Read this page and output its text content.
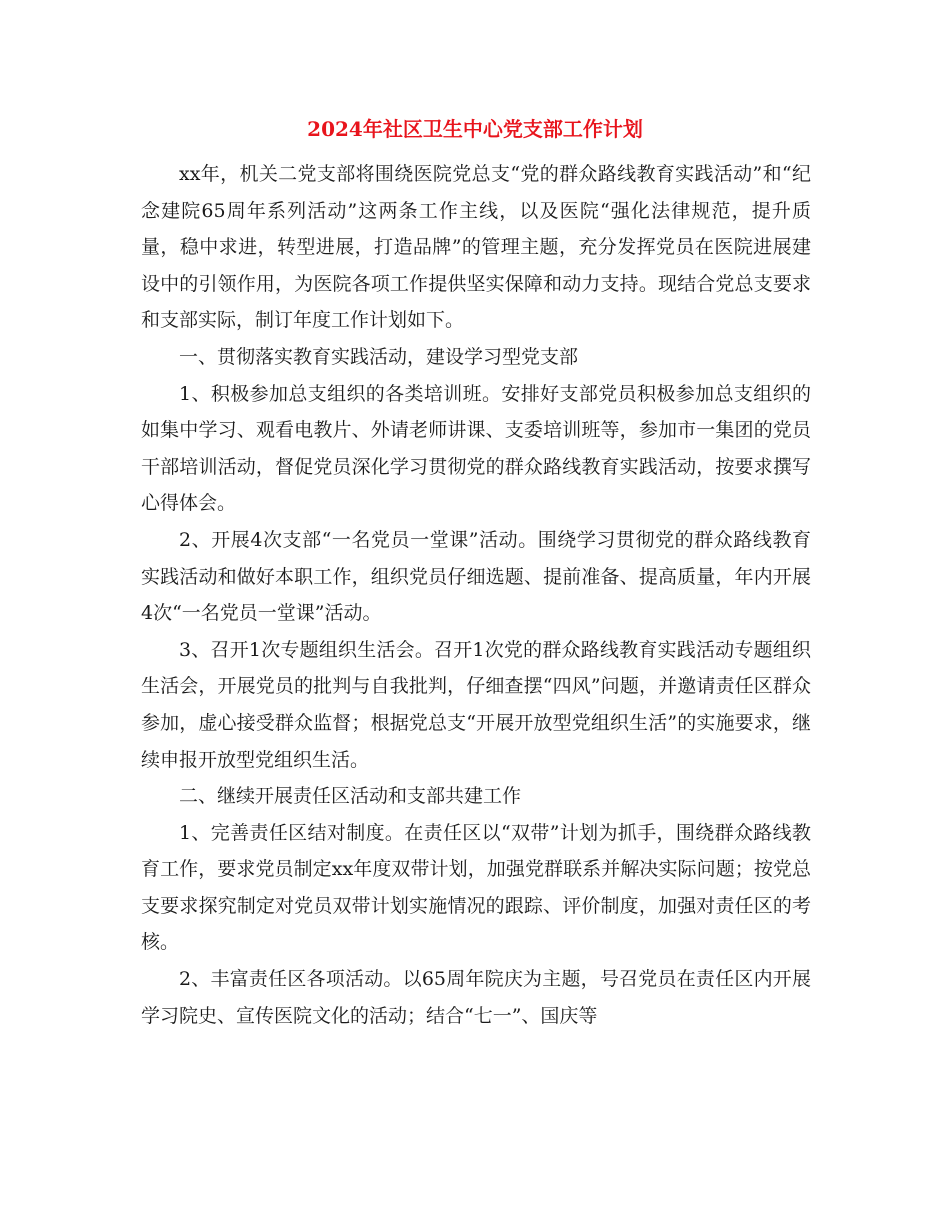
2024年社区卫生中心党支部工作计划

xx年，机关二党支部将围绕医院党总支“党的群众路线教育实践活动”和“纪念建院65周年系列活动”这两条工作主线，以及医院“强化法律规范，提升质量，稳中求进，转型进展，打造品牌”的管理主题，充分发挥党员在医院进展建设中的引领作用，为医院各项工作提供坚实保障和动力支持。现结合党总支要求和支部实际，制订年度工作计划如下。

一、贯彻落实教育实践活动，建设学习型党支部

1、积极参加总支组织的各类培训班。安排好支部党员积极参加总支组织的如集中学习、观看电教片、外请老师讲课、支委培训班等，参加市一集团的党员干部培训活动，督促党员深化学习贯彻党的群众路线教育实践活动，按要求撰写心得体会。

2、开展4次支部“一名党员一堂课”活动。围绕学习贯彻党的群众路线教育实践活动和做好本职工作，组织党员仔细选题、提前准备、提高质量，年内开展4次“一名党员一堂课”活动。

3、召开1次专题组织生活会。召开1次党的群众路线教育实践活动专题组织生活会，开展党员的批判与自我批判，仔细查摆“四风”问题，并邀请责任区群众参加，虚心接受群众监督；根据党总支“开展开放型党组织生活”的实施要求，继续申报开放型党组织生活。

二、继续开展责任区活动和支部共建工作

1、完善责任区结对制度。在责任区以“双带”计划为抓手，围绕群众路线教育工作，要求党员制定xx年度双带计划，加强党群联系并解决实际问题；按党总支要求探究制定对党员双带计划实施情况的跟踪、评价制度，加强对责任区的考核。

2、丰富责任区各项活动。以65周年院庆为主题，号召党员在责任区内开展学习院史、宣传医院文化的活动；结合“七一”、国庆等
